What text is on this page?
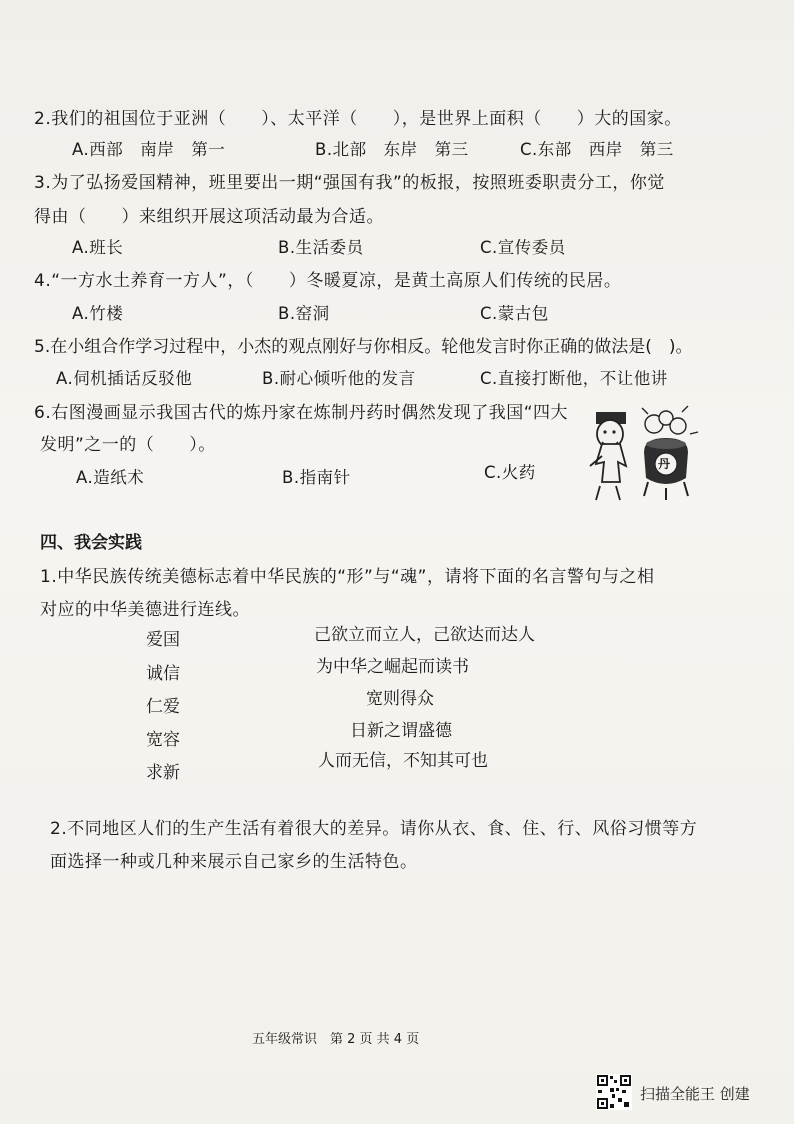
2.我们的祖国位于亚洲（　　）、太平洋（　　），是世界上面积（　　）大的国家。
A.西部　南岸　第一	B.北部　东岸　第三	C.东部　西岸　第三
3.为了弘扬爱国精神，班里要出一期“强国有我”的板报，按照班委职责分工，你觉
得由（　　）来组织开展这项活动最为合适。
A.班长	B.生活委员	C.宣传委员
4.“一方水土养育一方人”，（　　）冬暖夏凉，是黄土高原人们传统的民居。
A.竹楼	B.窑洞	C.蒙古包
5.在小组合作学习过程中，小杰的观点刚好与你相反。轮他发言时你正确的做法是(　)。
A.伺机插话反驳他	B.耐心倾听他的发言	C.直接打断他，不让他讲
6.右图漫画显示我国古代的炼丹家在炼制丹药时偶然发现了我国“四大
发明”之一的（　　）。
A.造纸术	B.指南针	C.火药	丹
四、我会实践
1.中华民族传统美德标志着中华民族的“形”与“魂”，请将下面的名言警句与之相
对应的中华美德进行连线。
爱国
诚信
仁爱
宽容
求新
己欲立而立人，己欲达而达人
为中华之崛起而读书
宽则得众
日新之谓盛德
人而无信，不知其可也
2.不同地区人们的生产生活有着很大的差异。请你从衣、食、住、行、风俗习惯等方
面选择一种或几种来展示自己家乡的生活特色。
五年级常识　第 2 页 共 4 页
扫描全能王 创建
